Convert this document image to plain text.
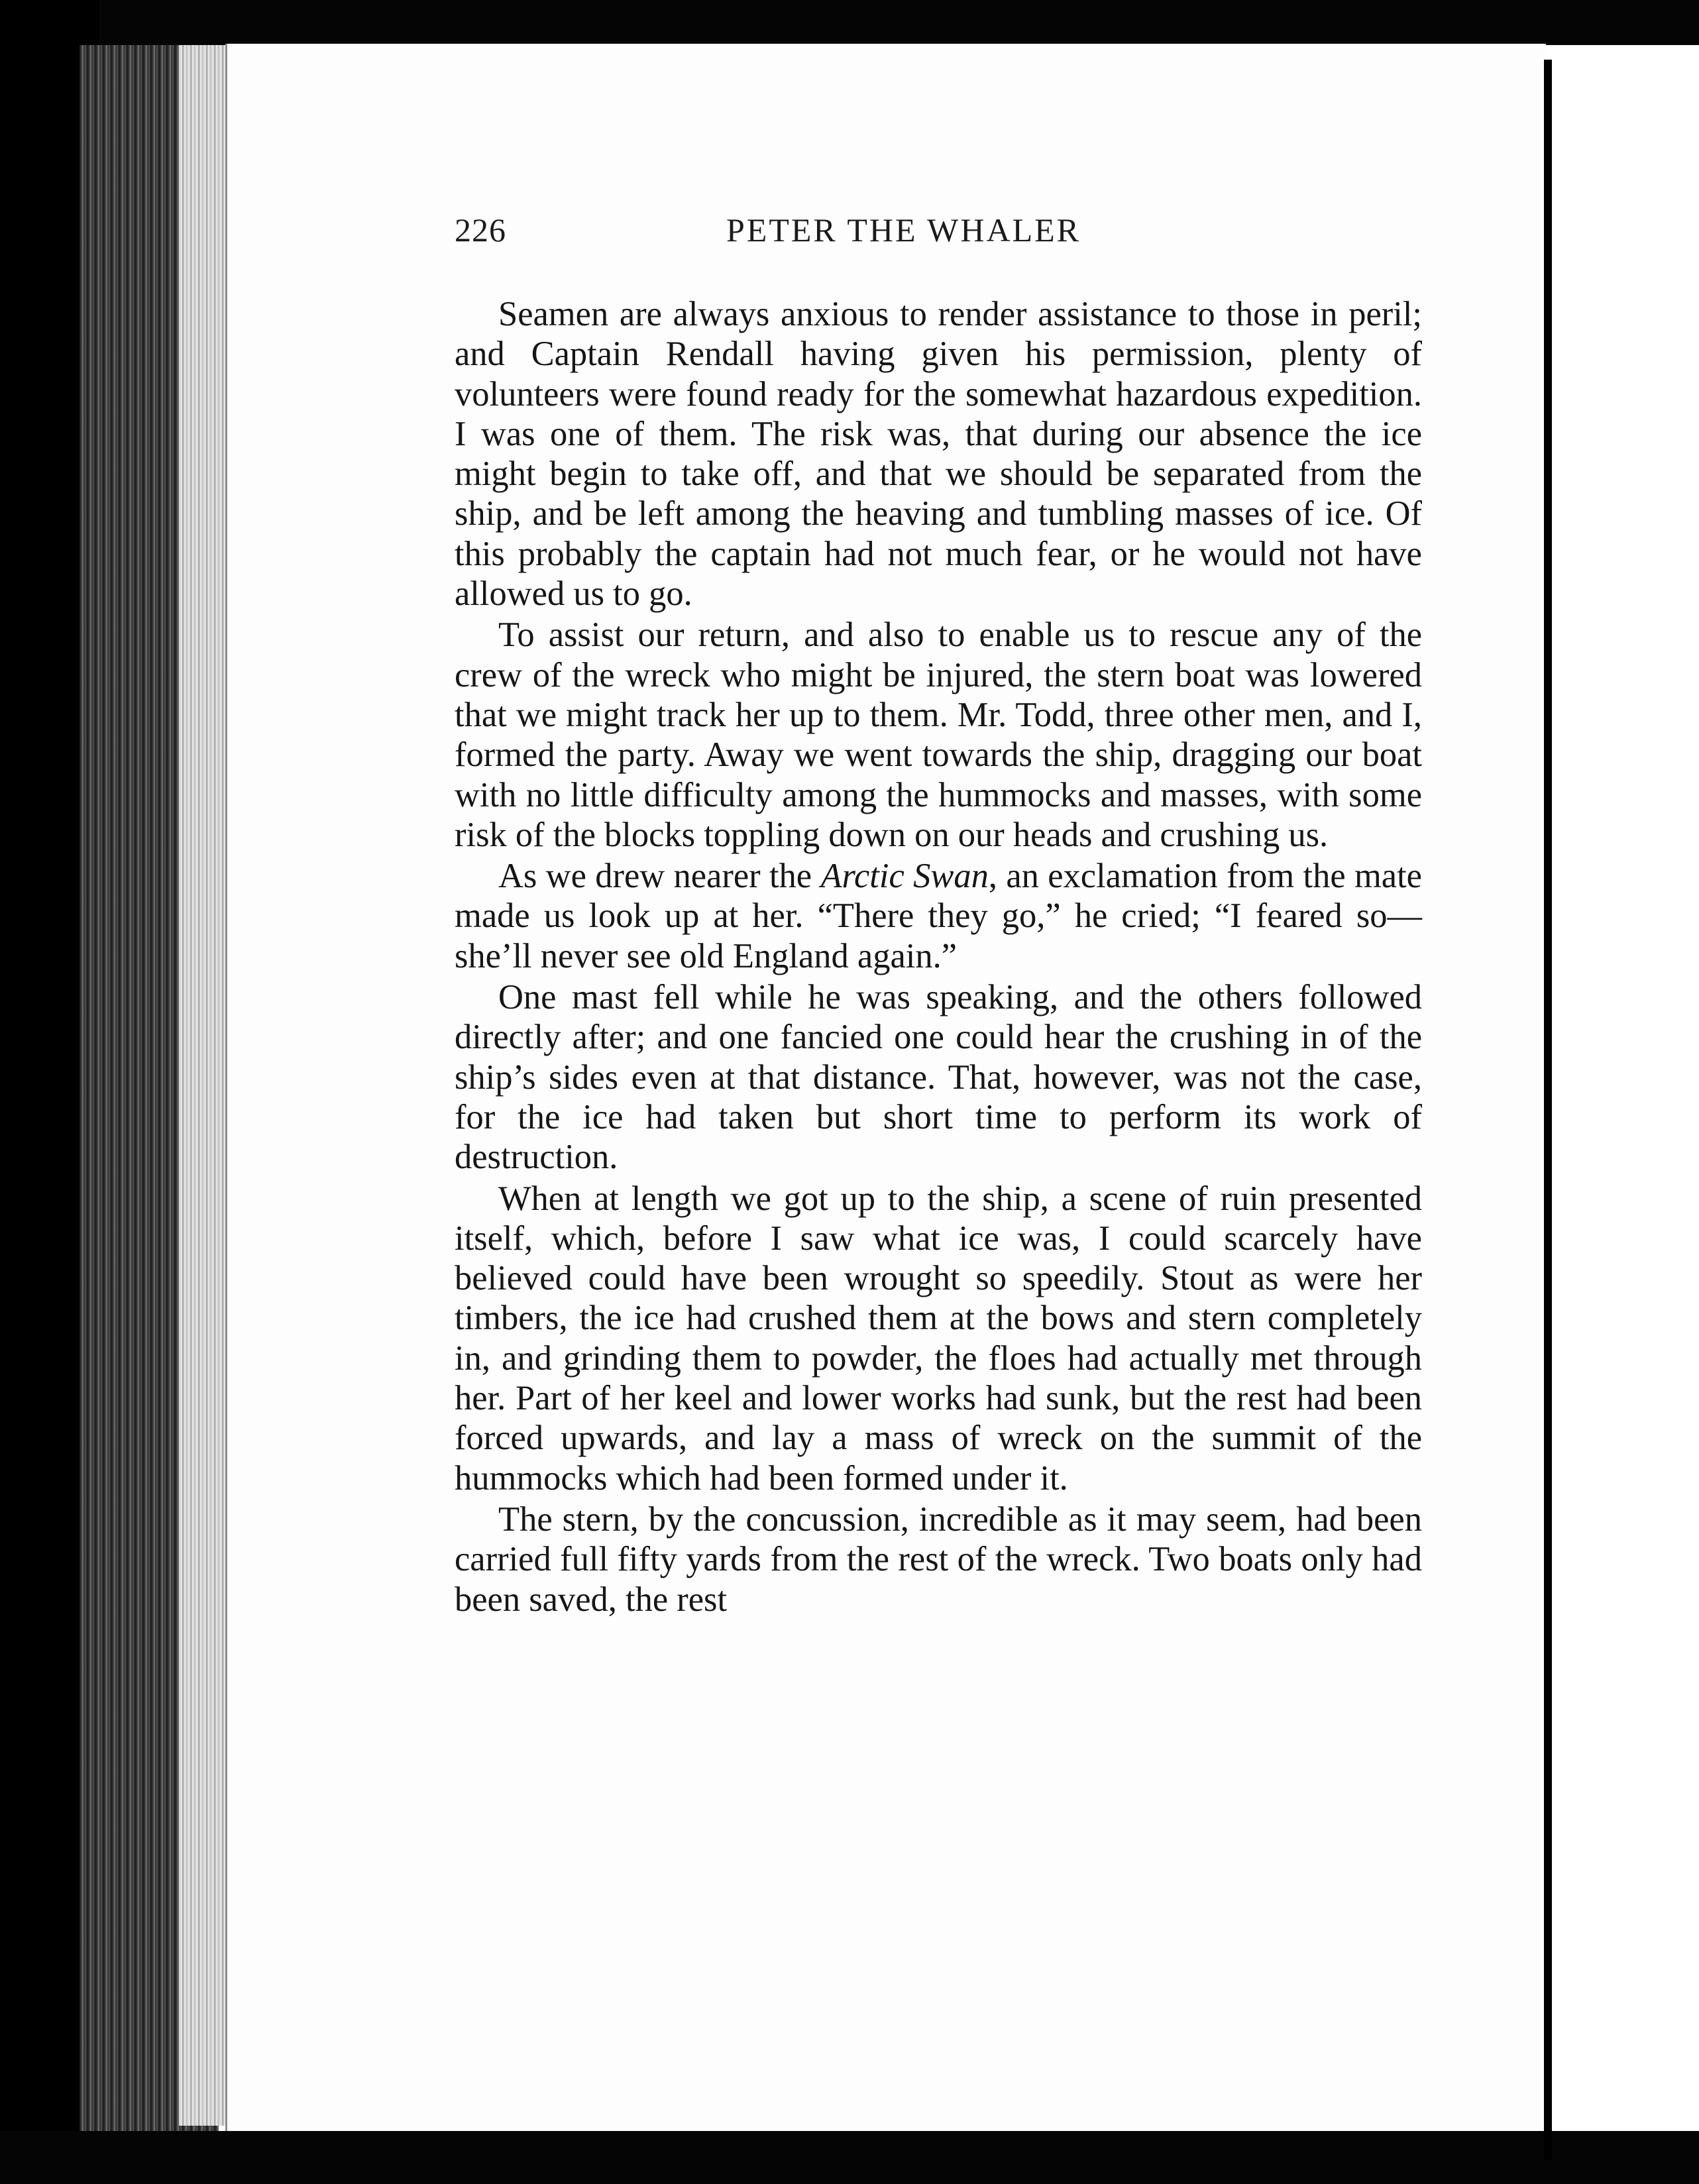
226	PETER THE WHALER

Seamen are always anxious to render assistance to those in peril; and Captain Rendall having given his permission, plenty of volunteers were found ready for the somewhat hazardous expedition. I was one of them. The risk was, that during our absence the ice might begin to take off, and that we should be separated from the ship, and be left among the heaving and tumbling masses of ice. Of this probably the captain had not much fear, or he would not have allowed us to go.

To assist our return, and also to enable us to rescue any of the crew of the wreck who might be injured, the stern boat was lowered that we might track her up to them. Mr. Todd, three other men, and I, formed the party. Away we went towards the ship, dragging our boat with no little difficulty among the hummocks and masses, with some risk of the blocks toppling down on our heads and crushing us.

As we drew nearer the Arctic Swan, an exclamation from the mate made us look up at her. “There they go,” he cried; “I feared so—she’ll never see old England again.”

One mast fell while he was speaking, and the others followed directly after; and one fancied one could hear the crushing in of the ship’s sides even at that distance. That, however, was not the case, for the ice had taken but short time to perform its work of destruction.

When at length we got up to the ship, a scene of ruin presented itself, which, before I saw what ice was, I could scarcely have believed could have been wrought so speedily. Stout as were her timbers, the ice had crushed them at the bows and stern completely in, and grinding them to powder, the floes had actually met through her. Part of her keel and lower works had sunk, but the rest had been forced upwards, and lay a mass of wreck on the summit of the hummocks which had been formed under it.

The stern, by the concussion, incredible as it may seem, had been carried full fifty yards from the rest of the wreck. Two boats only had been saved, the rest
